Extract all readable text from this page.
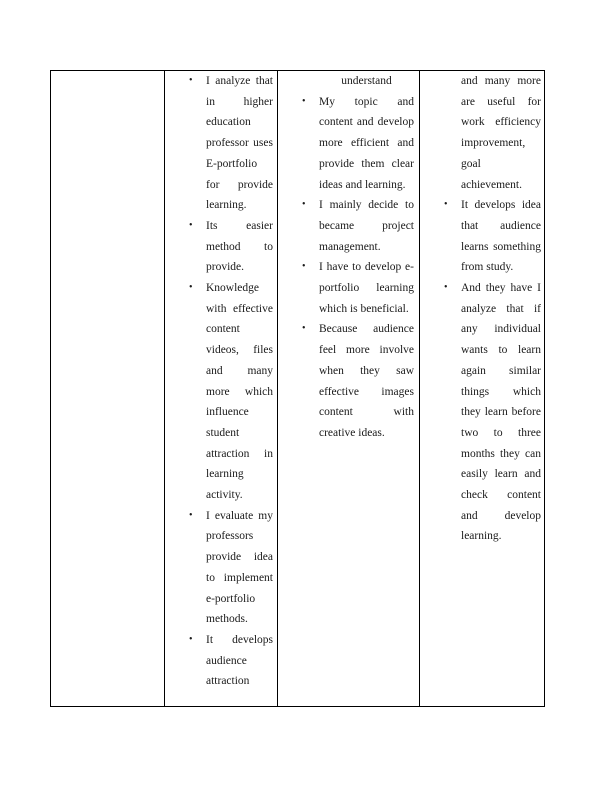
• I analyze that in higher education professor uses E-portfolio for provide learning.
• Its easier method to provide.
• Knowledge with effective content videos, files and many more which influence student attraction in learning activity.
• I evaluate my professors provide idea to implement e-portfolio methods.
• It develops audience attraction
understand
• My topic and content and develop more efficient and provide them clear ideas and learning.
• I mainly decide to became project management.
• I have to develop e-portfolio learning which is beneficial.
• Because audience feel more involve when they saw effective images content with creative ideas.
and many more are useful for work efficiency improvement, goal achievement.
• It develops idea that audience learns something from study.
• And they have I analyze that if any individual wants to learn again similar things which they learn before two to three months they can easily learn and check content and develop learning.
